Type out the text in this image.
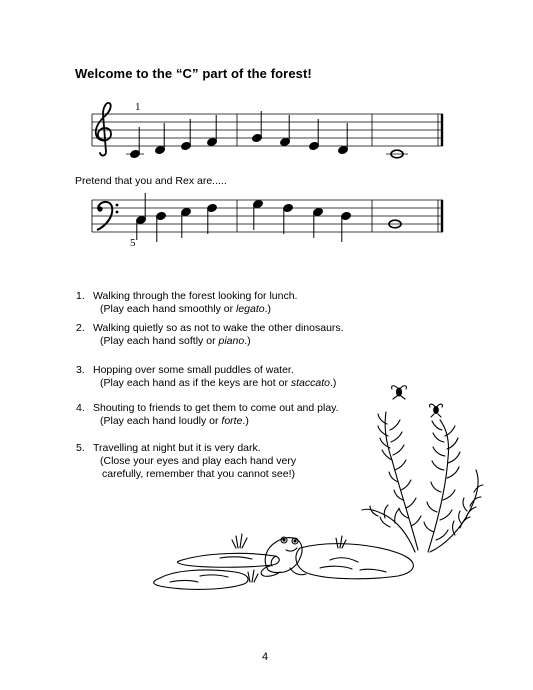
Welcome to the “C” part of the forest!
1
Pretend that you and Rex are.....
5
1. Walking through the forest looking for lunch.
(Play each hand smoothly or legato.)
2. Walking quietly so as not to wake the other dinosaurs.
(Play each hand softly or piano.)
3. Hopping over some small puddles of water.
(Play each hand as if the keys are hot or staccato.)
4. Shouting to friends to get them to come out and play.
(Play each hand loudly or forte.)
5. Travelling at night but it is very dark.
(Close your eyes and play each hand very
carefully, remember that you cannot see!)
4
